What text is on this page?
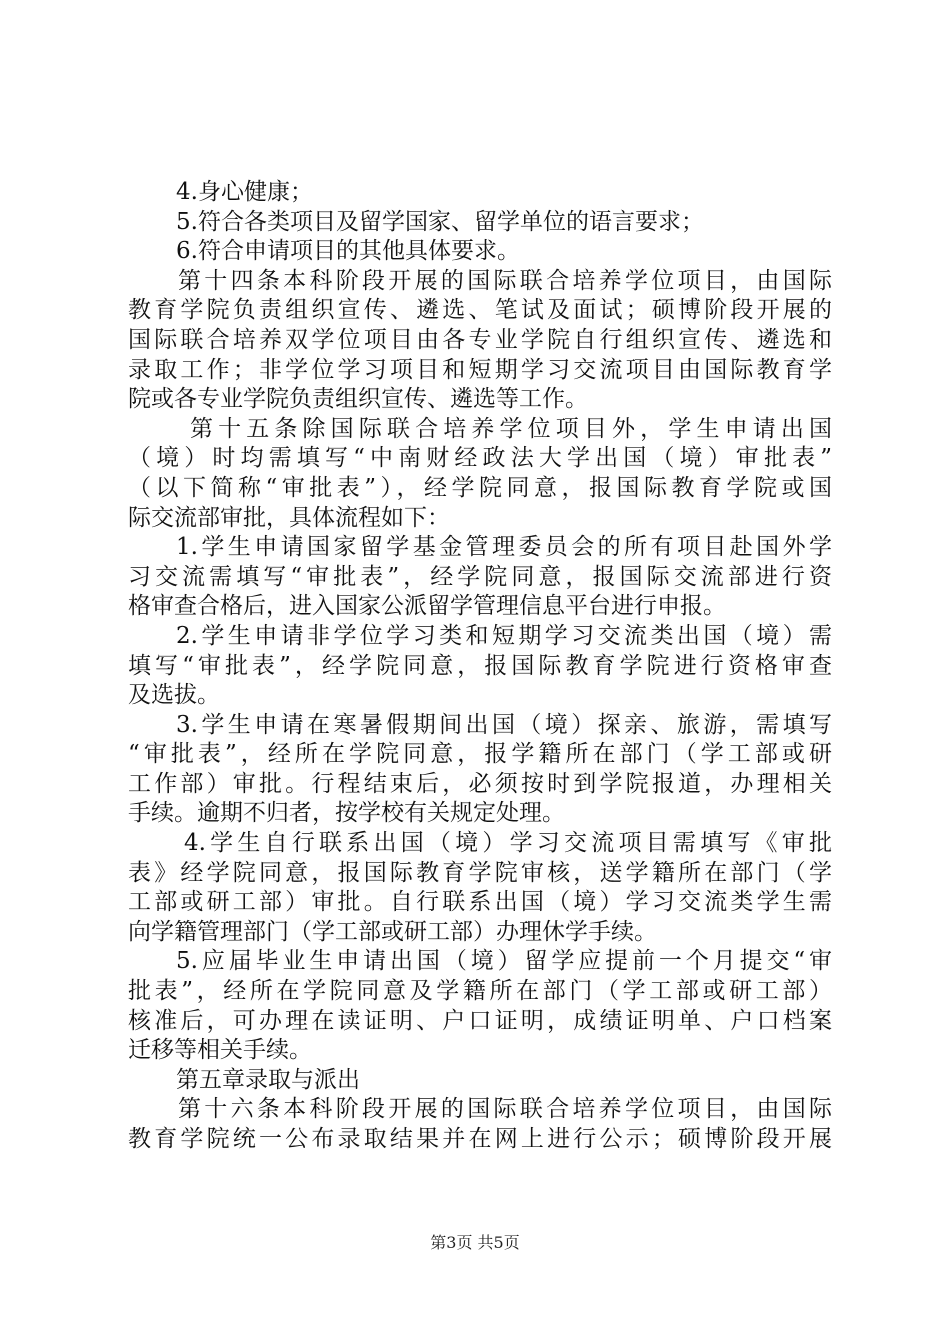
4.身心健康；
5.符合各类项目及留学国家、留学单位的语言要求；
6.符合申请项目的其他具体要求。
第十四条本科阶段开展的国际联合培养学位项目，由国际
教育学院负责组织宣传、遴选、笔试及面试；硕博阶段开展的
国际联合培养双学位项目由各专业学院自行组织宣传、遴选和
录取工作；非学位学习项目和短期学习交流项目由国际教育学
院或各专业学院负责组织宣传、遴选等工作。
第十五条除国际联合培养学位项目外，学生申请出国
（境）时均需填写“中南财经政法大学出国（境）审批表”
（以下简称“审批表”），经学院同意，报国际教育学院或国
际交流部审批，具体流程如下：
1.学生申请国家留学基金管理委员会的所有项目赴国外学
习交流需填写“审批表”，经学院同意，报国际交流部进行资
格审查合格后，进入国家公派留学管理信息平台进行申报。
2.学生申请非学位学习类和短期学习交流类出国（境）需
填写“审批表”，经学院同意，报国际教育学院进行资格审查
及选拔。
3.学生申请在寒暑假期间出国（境）探亲、旅游，需填写
“审批表”，经所在学院同意，报学籍所在部门（学工部或研
工作部）审批。行程结束后，必须按时到学院报道，办理相关
手续。逾期不归者，按学校有关规定处理。
4.学生自行联系出国（境）学习交流项目需填写《审批
表》经学院同意，报国际教育学院审核，送学籍所在部门（学
工部或研工部）审批。自行联系出国（境）学习交流类学生需
向学籍管理部门（学工部或研工部）办理休学手续。
5.应届毕业生申请出国（境）留学应提前一个月提交“审
批表”，经所在学院同意及学籍所在部门（学工部或研工部）
核准后，可办理在读证明、户口证明，成绩证明单、户口档案
迁移等相关手续。
第五章录取与派出
第十六条本科阶段开展的国际联合培养学位项目，由国际
教育学院统一公布录取结果并在网上进行公示；硕博阶段开展
第3页 共5页
